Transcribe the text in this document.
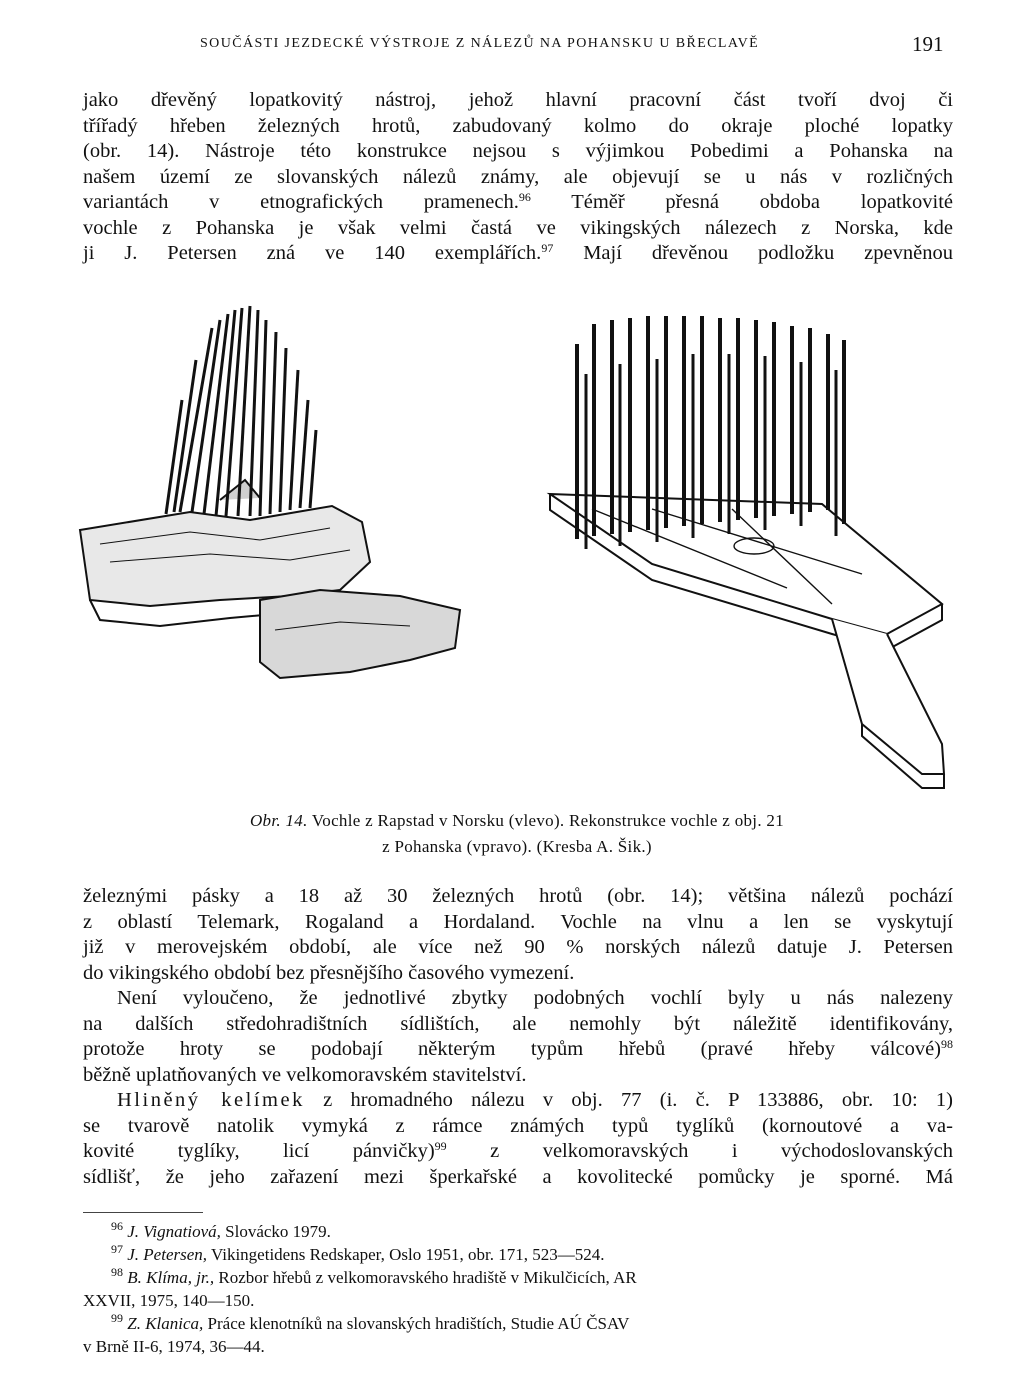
SOUČÁSTI JEZDECKÉ VÝSTROJE Z NÁLEZŮ NA POHANSKU U BŘECLAVĚ	191
jako dřevěný lopatkovitý nástroj, jehož hlavní pracovní část tvoří dvoj či
třířadý hřeben železných hrotů, zabudovaný kolmo do okraje ploché lopatky
(obr. 14). Nástroje této konstrukce nejsou s výjimkou Pobedimi a Pohanska na
našem území ze slovanských nálezů známy, ale objevují se u nás v rozličných
variantách v etnografických pramenech.$^{96}$ Téměř přesná obdoba lopatkovité
vochle z Pohanska je však velmi častá ve vikingských nálezech z Norska, kde
ji J. Petersen zná ve 140 exemplářích.$^{97}$ Mají dřevěnou podložku zpevněnou
Obr. 14. Vochle z Rapstad v Norsku (vlevo). Rekonstrukce vochle z obj. 21
z Pohanska (vpravo). (Kresba A. Šik.)
železnými pásky a 18 až 30 železných hrotů (obr. 14); většina nálezů pochází
z oblastí Telemark, Rogaland a Hordaland. Vochle na vlnu a len se vyskytují
již v merovejském období, ale více než 90 % norských nálezů datuje J. Petersen
do vikingského období bez přesnějšího časového vymezení.
Není vyloučeno, že jednotlivé zbytky podobných vochlí byly u nás nalezeny
na dalších středohradištních sídlištích, ale nemohly být náležitě identifikovány,
protože hroty se podobají některým typům hřebů (pravé hřeby válcové)$^{98}$
běžně uplatňovaných ve velkomoravském stavitelství.
Hliněný kelímek z hromadného nálezu v obj. 77 (i. č. P 133886, obr. 10: 1)
se tvarově natolik vymyká z rámce známých typů tyglíků (kornoutové a va-
kovité tyglíky, licí pánvičky)$^{99}$ z velkomoravských i východoslovanských
sídlišť, že jeho zařazení mezi šperkařské a kovolitecké pomůcky je sporné. Má
$^{96}$ J. Vignatiová, Slovácko 1979.
$^{97}$ J. Petersen, Vikingetidens Redskaper, Oslo 1951, obr. 171, 523—524.
$^{98}$ B. Klíma, jr., Rozbor hřebů z velkomoravského hradiště v Mikulčicích, AR
XXVII, 1975, 140—150.
$^{99}$ Z. Klanica, Práce klenotníků na slovanských hradištích, Studie AÚ ČSAV
v Brně II-6, 1974, 36—44.
